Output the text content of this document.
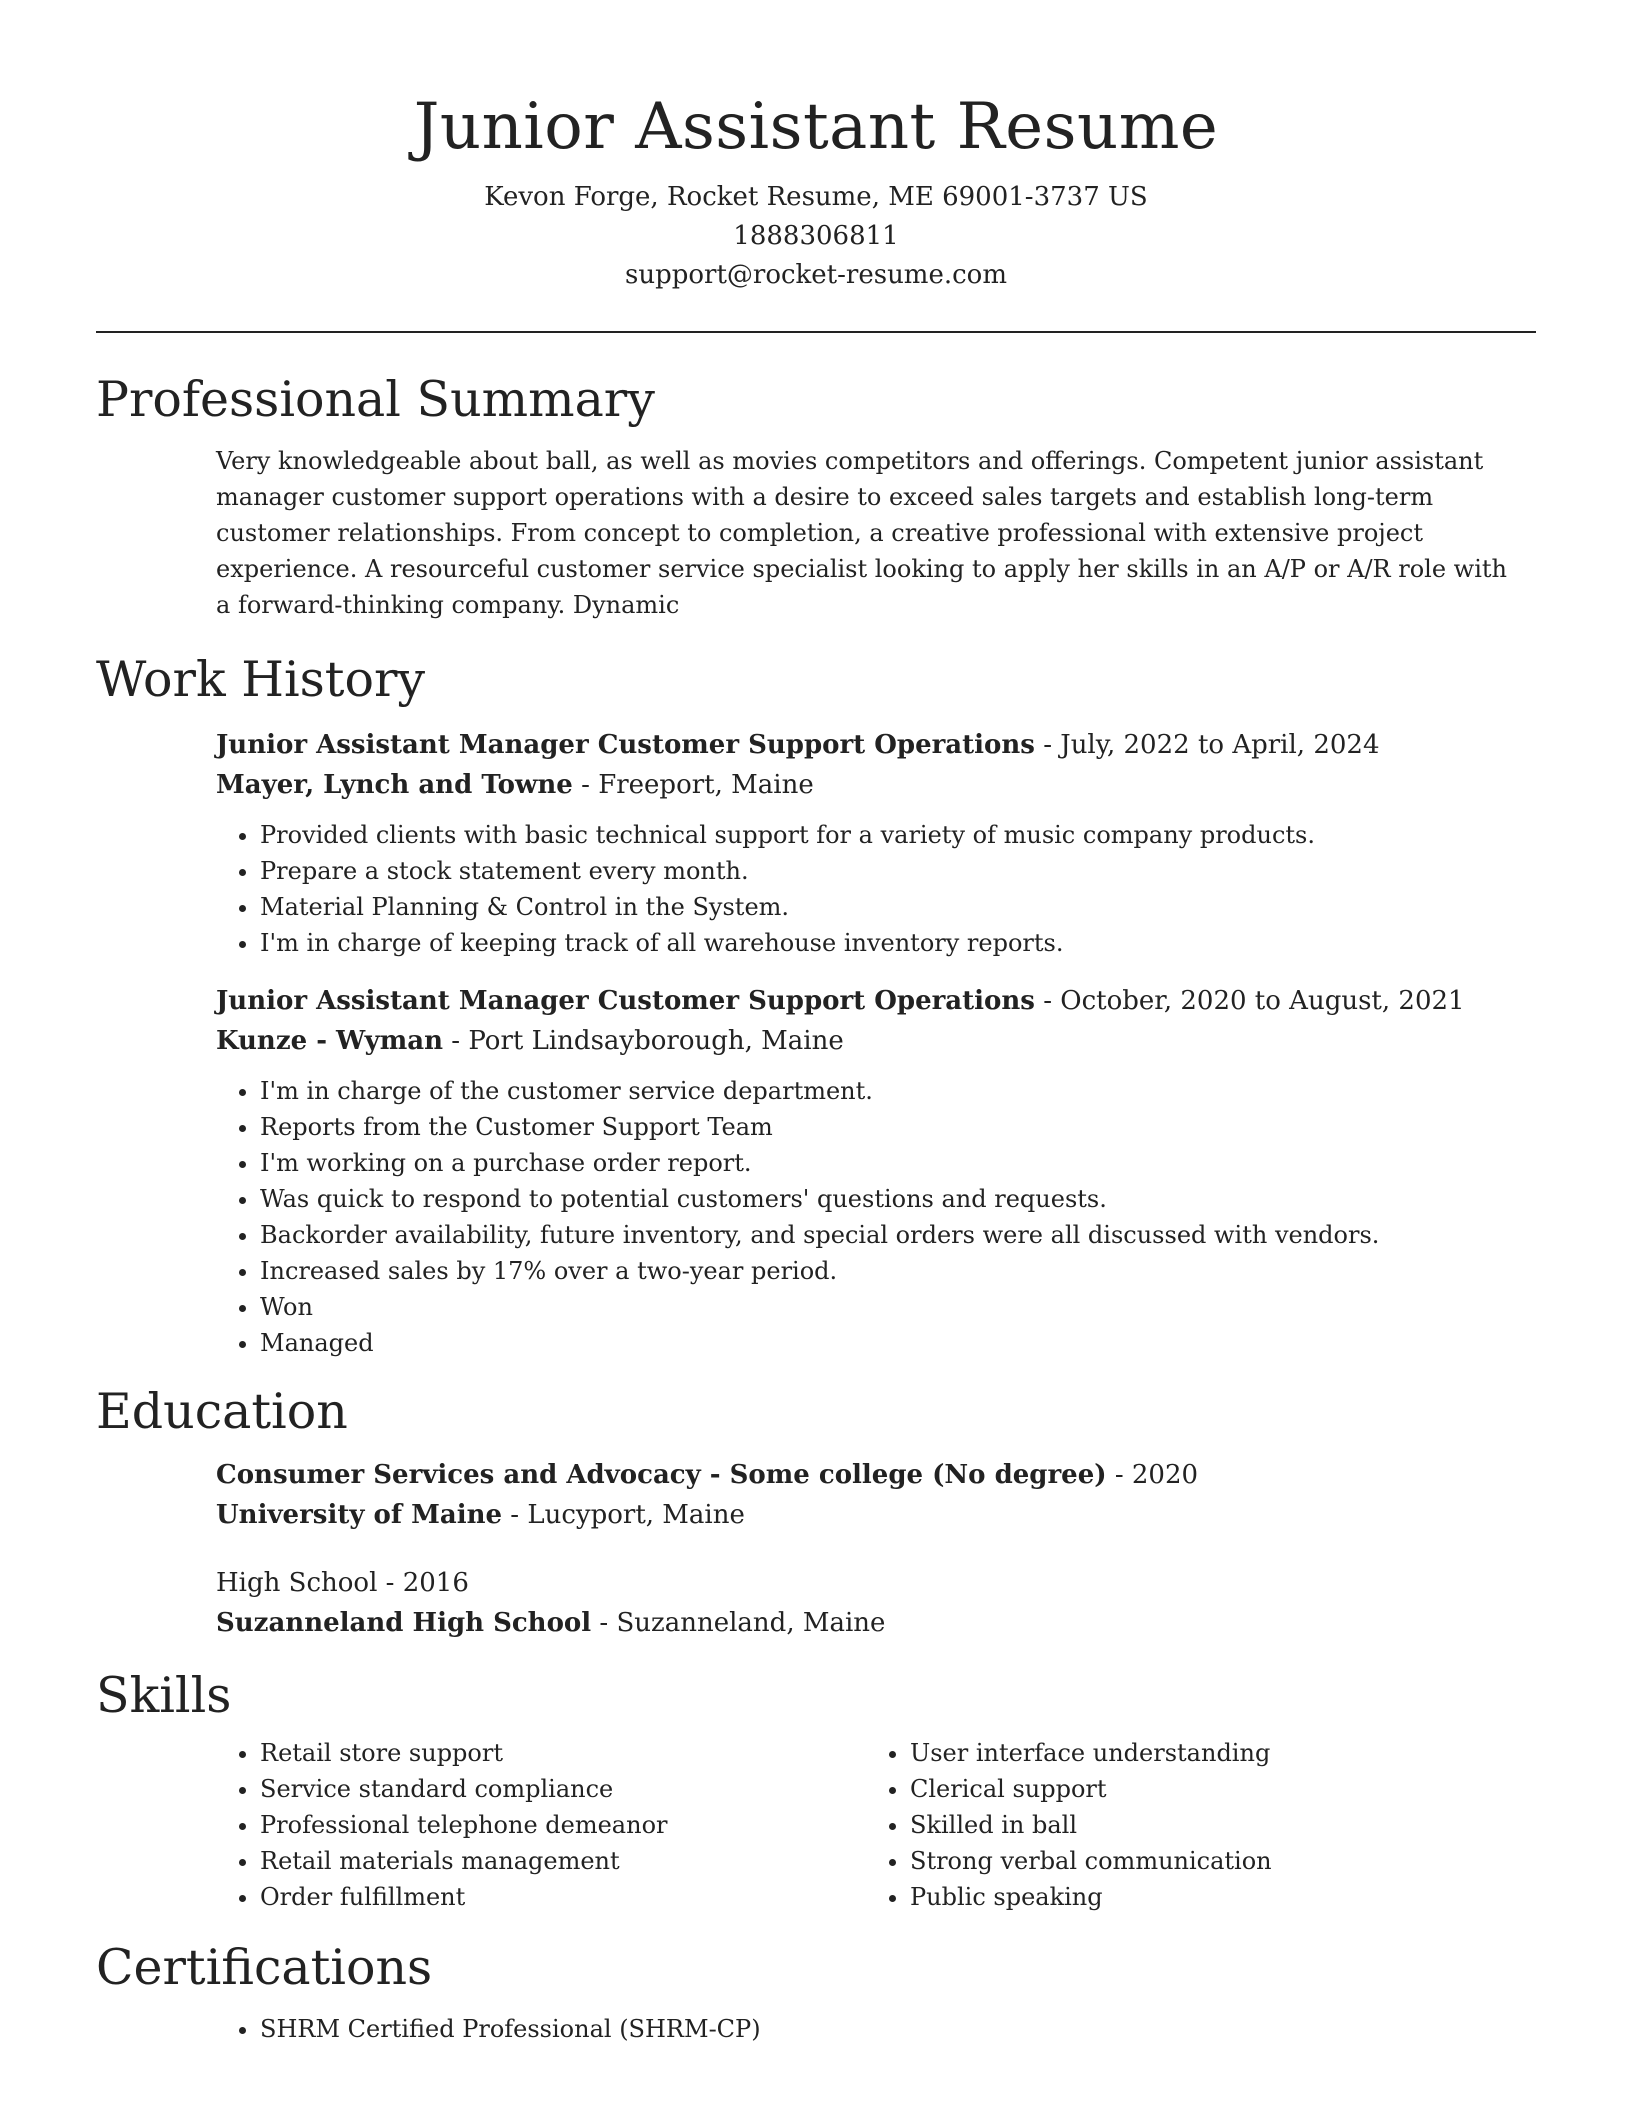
Junior Assistant Resume

Kevon Forge, Rocket Resume, ME 69001-3737 US

1888306811

support@rocket-resume.com

Professional Summary

Very knowledgeable about ball, as well as movies competitors and offerings. Competent junior assistant manager customer support operations with a desire to exceed sales targets and establish long-term customer relationships. From concept to completion, a creative professional with extensive project experience. A resourceful customer service specialist looking to apply her skills in an A/P or A/R role with a forward-thinking company. Dynamic

Work History

Junior Assistant Manager Customer Support Operations - July, 2022 to April, 2024

Mayer, Lynch and Towne - Freeport, Maine

• Provided clients with basic technical support for a variety of music company products.
• Prepare a stock statement every month.
• Material Planning & Control in the System.
• I'm in charge of keeping track of all warehouse inventory reports.

Junior Assistant Manager Customer Support Operations - October, 2020 to August, 2021

Kunze - Wyman - Port Lindsayborough, Maine

• I'm in charge of the customer service department.
• Reports from the Customer Support Team
• I'm working on a purchase order report.
• Was quick to respond to potential customers' questions and requests.
• Backorder availability, future inventory, and special orders were all discussed with vendors.
• Increased sales by 17% over a two-year period.
• Won
• Managed
Education

Consumer Services and Advocacy - Some college (No degree) - 2020

University of Maine - Lucyport, Maine

High School - 2016

Suzanneland High School - Suzanneland, Maine

Skills
• Retail store support
• Service standard compliance
• Professional telephone demeanor
• Retail materials management
• Order fulfillment
• User interface understanding
• Clerical support
• Skilled in ball
• Strong verbal communication
• Public speaking
Certifications
• SHRM Certified Professional (SHRM-CP)
